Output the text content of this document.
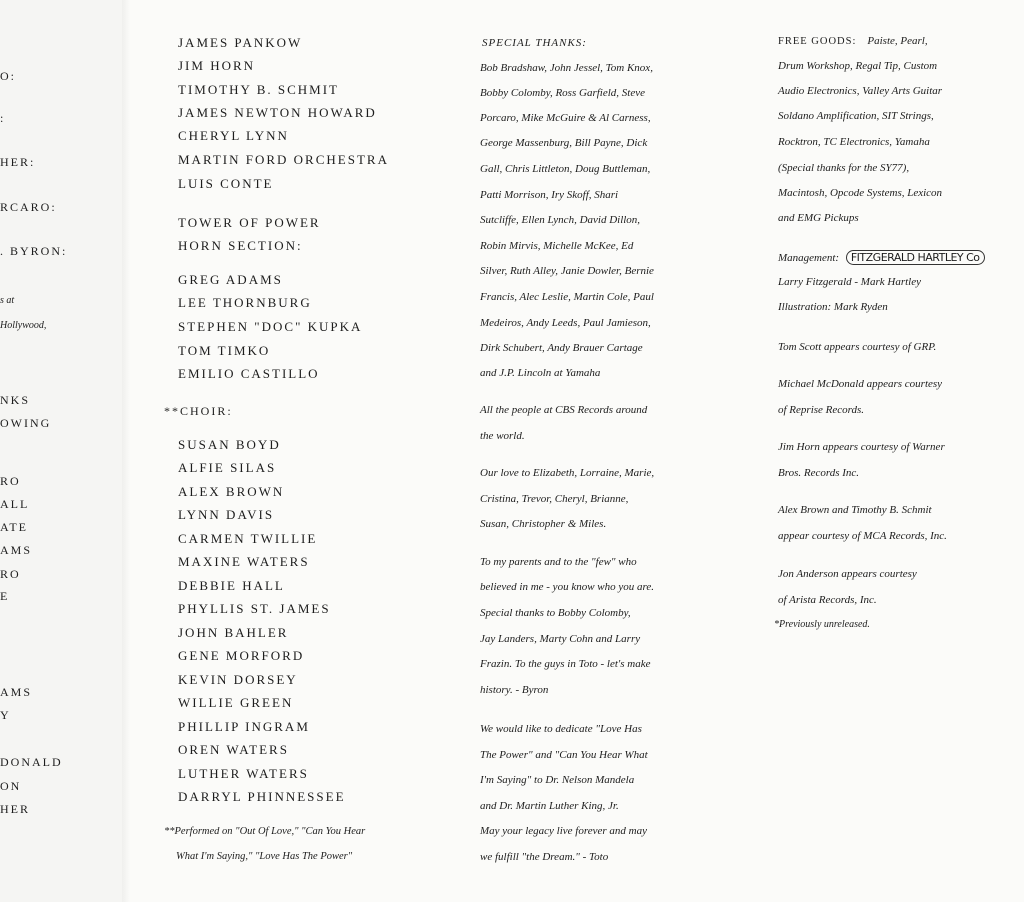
O:
:
HER:
RCARO:
. BYRON:
s at
Hollywood,
NKS
OWING
RO
ALL
ATE
AMS
RO
E
AMS
Y
DONALD
ON
HER
JAMES PANKOW
JIM HORN
TIMOTHY B. SCHMIT
JAMES NEWTON HOWARD
CHERYL LYNN
MARTIN FORD ORCHESTRA
LUIS CONTE
TOWER OF POWER
HORN SECTION:
GREG ADAMS
LEE THORNBURG
STEPHEN "DOC" KUPKA
TOM TIMKO
EMILIO CASTILLO
**CHOIR:
SUSAN BOYD
ALFIE SILAS
ALEX BROWN
LYNN DAVIS
CARMEN TWILLIE
MAXINE WATERS
DEBBIE HALL
PHYLLIS ST. JAMES
JOHN BAHLER
GENE MORFORD
KEVIN DORSEY
WILLIE GREEN
PHILLIP INGRAM
OREN WATERS
LUTHER WATERS
DARRYL PHINNESSEE
**Performed on "Out Of Love," "Can You Hear
What I'm Saying," "Love Has The Power"
SPECIAL THANKS:
Bob Bradshaw, John Jessel, Tom Knox,
Bobby Colomby, Ross Garfield, Steve
Porcaro, Mike McGuire & Al Carness,
George Massenburg, Bill Payne, Dick
Gall, Chris Littleton, Doug Buttleman,
Patti Morrison, Iry Skoff, Shari
Sutcliffe, Ellen Lynch, David Dillon,
Robin Mirvis, Michelle McKee, Ed
Silver, Ruth Alley, Janie Dowler, Bernie
Francis, Alec Leslie, Martin Cole, Paul
Medeiros, Andy Leeds, Paul Jamieson,
Dirk Schubert, Andy Brauer Cartage
and J.P. Lincoln at Yamaha
All the people at CBS Records around
the world.
Our love to Elizabeth, Lorraine, Marie,
Cristina, Trevor, Cheryl, Brianne,
Susan, Christopher & Miles.
To my parents and to the "few" who
believed in me - you know who you are.
Special thanks to Bobby Colomby,
Jay Landers, Marty Cohn and Larry
Frazin. To the guys in Toto - let's make
history. - Byron
We would like to dedicate "Love Has
The Power" and "Can You Hear What
I'm Saying" to Dr. Nelson Mandela
and Dr. Martin Luther King, Jr.
May your legacy live forever and may
we fulfill "the Dream." - Toto
FREE GOODS: Paiste, Pearl,
Drum Workshop, Regal Tip, Custom
Audio Electronics, Valley Arts Guitar
Soldano Amplification, SIT Strings,
Rocktron, TC Electronics, Yamaha
(Special thanks for the SY77),
Macintosh, Opcode Systems, Lexicon
and EMG Pickups
Management: FITZGERALD HARTLEY Co
Larry Fitzgerald - Mark Hartley
Illustration: Mark Ryden
Tom Scott appears courtesy of GRP.
Michael McDonald appears courtesy
of Reprise Records.
Jim Horn appears courtesy of Warner
Bros. Records Inc.
Alex Brown and Timothy B. Schmit
appear courtesy of MCA Records, Inc.
Jon Anderson appears courtesy
of Arista Records, Inc.
*Previously unreleased.
